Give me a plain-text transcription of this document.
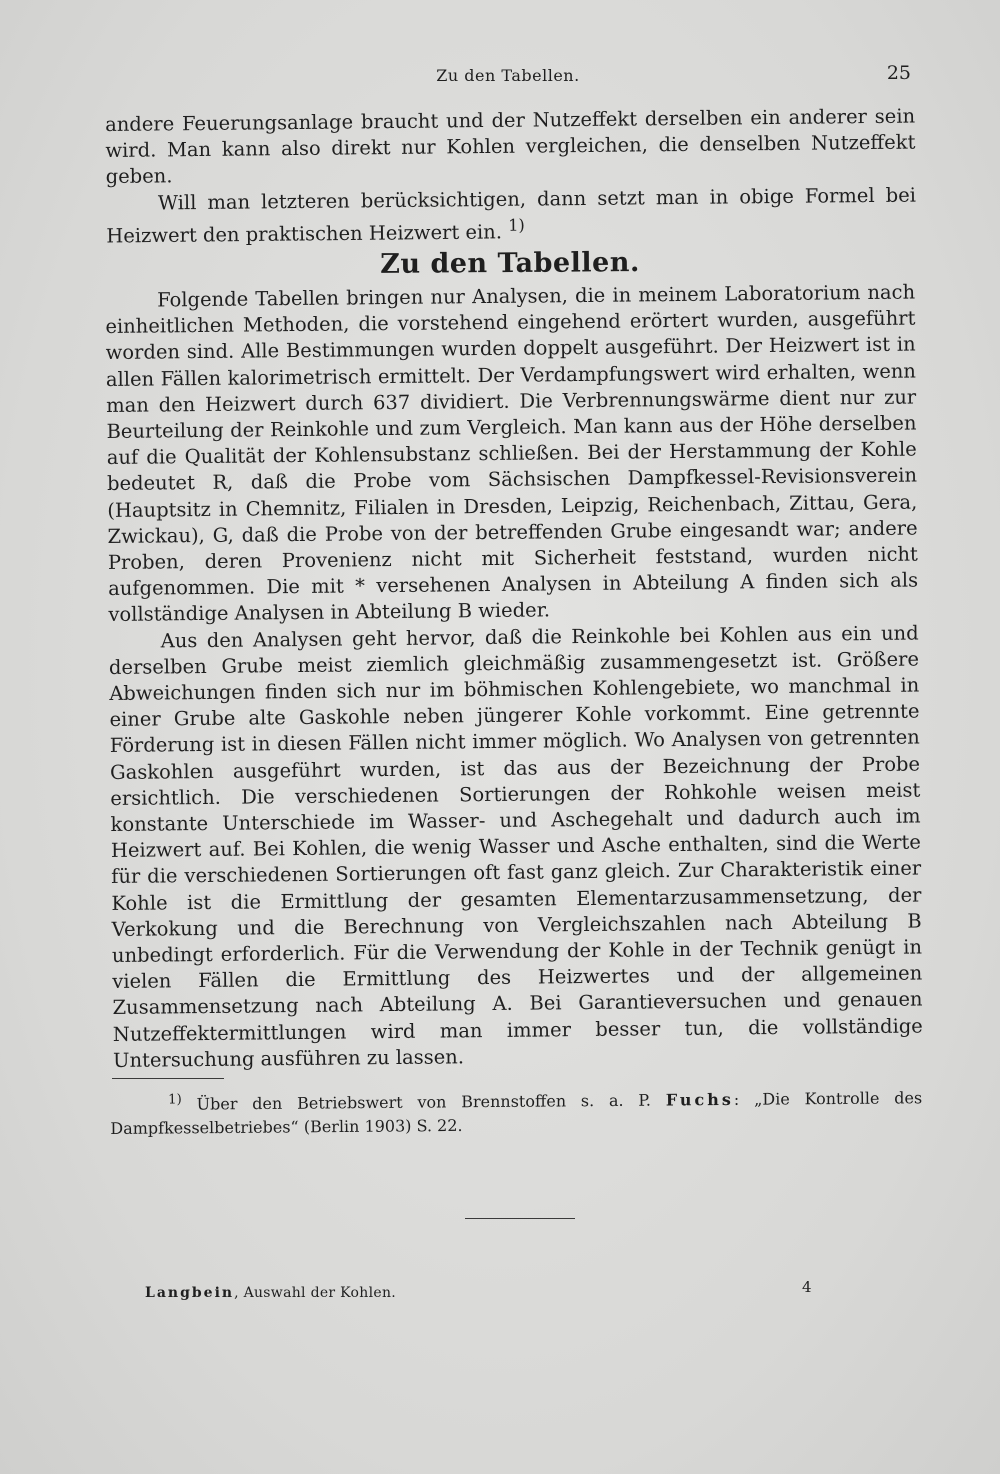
Zu den Tabellen.	25

andere Feuerungsanlage braucht und der Nutzeffekt derselben ein anderer sein wird. Man kann also direkt nur Kohlen vergleichen, die denselben Nutzeffekt geben.

Will man letzteren berücksichtigen, dann setzt man in obige Formel bei Heizwert den praktischen Heizwert ein. $^{1)}$

Zu den Tabellen.

Folgende Tabellen bringen nur Analysen, die in meinem Laboratorium nach einheitlichen Methoden, die vorstehend eingehend erörtert wurden, ausgeführt worden sind. Alle Bestimmungen wurden doppelt ausgeführt. Der Heizwert ist in allen Fällen kalorimetrisch ermittelt. Der Verdampfungswert wird erhalten, wenn man den Heizwert durch 637 dividiert. Die Verbrennungswärme dient nur zur Beurteilung der Reinkohle und zum Vergleich. Man kann aus der Höhe derselben auf die Qualität der Kohlensubstanz schließen. Bei der Herstammung der Kohle bedeutet R, daß die Probe vom Sächsischen Dampfkessel-Revisionsverein (Hauptsitz in Chemnitz, Filialen in Dresden, Leipzig, Reichenbach, Zittau, Gera, Zwickau), G, daß die Probe von der betreffenden Grube eingesandt war; andere Proben, deren Provenienz nicht mit Sicherheit feststand, wurden nicht aufgenommen. Die mit * versehenen Analysen in Abteilung A finden sich als vollständige Analysen in Abteilung B wieder.

Aus den Analysen geht hervor, daß die Reinkohle bei Kohlen aus ein und derselben Grube meist ziemlich gleichmäßig zusammengesetzt ist. Größere Abweichungen finden sich nur im böhmischen Kohlengebiete, wo manchmal in einer Grube alte Gaskohle neben jüngerer Kohle vorkommt. Eine getrennte Förderung ist in diesen Fällen nicht immer möglich. Wo Analysen von getrennten Gaskohlen ausgeführt wurden, ist das aus der Bezeichnung der Probe ersichtlich. Die verschiedenen Sortierungen der Rohkohle weisen meist konstante Unterschiede im Wasser- und Aschegehalt und dadurch auch im Heizwert auf. Bei Kohlen, die wenig Wasser und Asche enthalten, sind die Werte für die verschiedenen Sortierungen oft fast ganz gleich. Zur Charakteristik einer Kohle ist die Ermittlung der gesamten Elementarzusammensetzung, der Verkokung und die Berechnung von Vergleichszahlen nach Abteilung B unbedingt erforderlich. Für die Verwendung der Kohle in der Technik genügt in vielen Fällen die Ermittlung des Heizwertes und der allgemeinen Zusammensetzung nach Abteilung A. Bei Garantieversuchen und genauen Nutzeffektermittlungen wird man immer besser tun, die vollständige Untersuchung ausführen zu lassen.

$^{1)}$ Über den Betriebswert von Brennstoffen s. a. P. Fuchs: „Die Kontrolle des Dampfkesselbetriebes“ (Berlin 1903) S. 22.

Langbein, Auswahl der Kohlen.	4
